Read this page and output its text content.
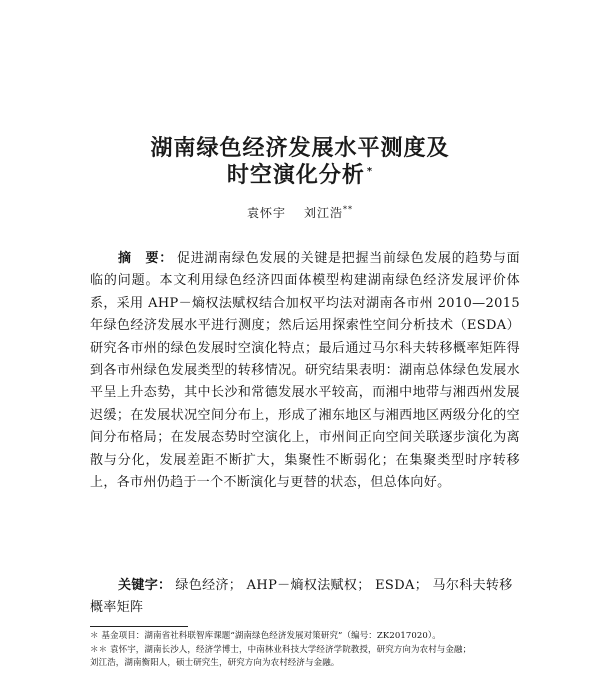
湖南绿色经济发展水平测度及
时空演化分析 *
袁怀宇 刘江浩**

摘　要： 促进湖南绿色发展的关键是把握当前绿色发展的趋势与面临的问题。本文利用绿色经济四面体模型构建湖南绿色经济发展评价体系，采用 AHP－熵权法赋权结合加权平均法对湖南各市州 2010—2015 年绿色经济发展水平进行测度；然后运用探索性空间分析技术（ESDA）研究各市州的绿色发展时空演化特点；最后通过马尔科夫转移概率矩阵得到各市州绿色发展类型的转移情况。研究结果表明：湖南总体绿色发展水平呈上升态势，其中长沙和常德发展水平较高，而湘中地带与湘西州发展迟缓；在发展状况空间分布上，形成了湘东地区与湘西地区两级分化的空间分布格局；在发展态势时空演化上，市州间正向空间关联逐步演化为离散与分化，发展差距不断扩大，集聚性不断弱化；在集聚类型时序转移上，各市州仍趋于一个不断演化与更替的状态，但总体向好。

关键字： 绿色经济； AHP－熵权法赋权； ESDA； 马尔科夫转移概率矩阵

＊ 基金项目：湖南省社科联智库课题“湖南绿色经济发展对策研究”（编号：ZK2017020）。

＊＊ 袁怀宇，湖南长沙人，经济学博士，中南林业科技大学经济学院教授，研究方向为农村与金融；

刘江浩，湖南衡阳人，硕士研究生，研究方向为农村经济与金融。
